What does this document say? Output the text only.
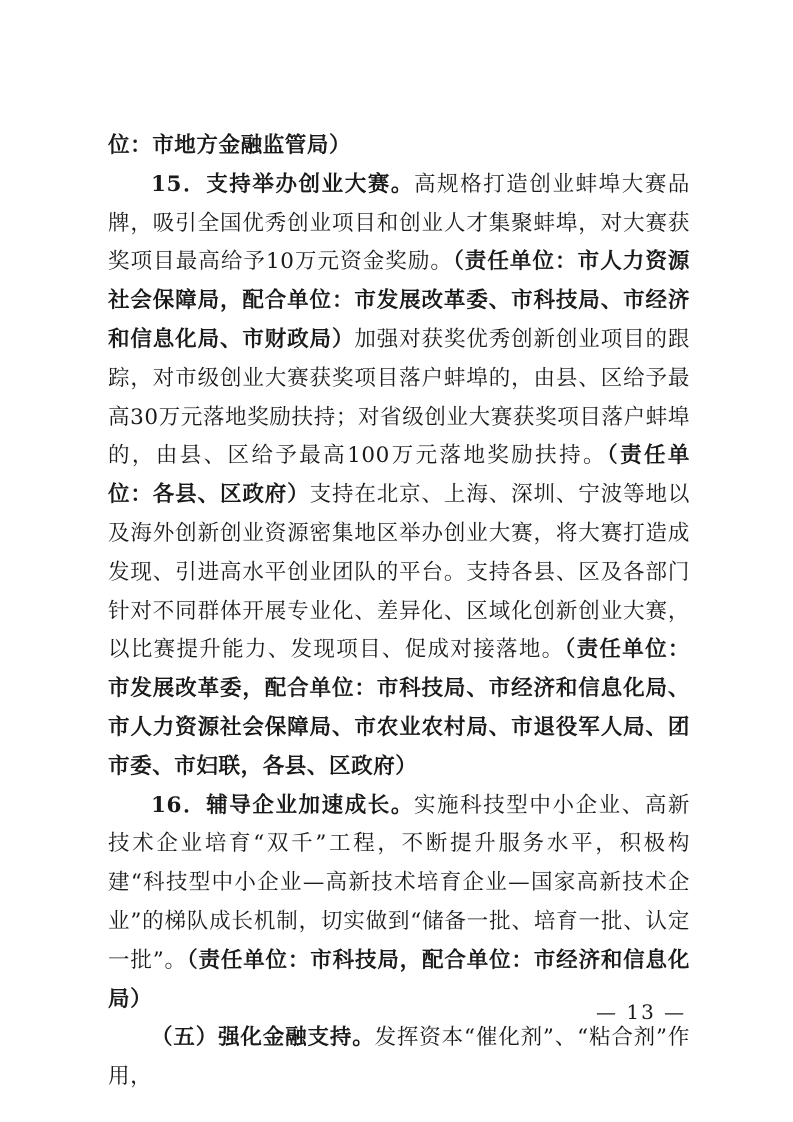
位：市地方金融监管局）

15．支持举办创业大赛。高规格打造创业蚌埠大赛品牌，吸引全国优秀创业项目和创业人才集聚蚌埠，对大赛获奖项目最高给予10万元资金奖励。（责任单位：市人力资源社会保障局，配合单位：市发展改革委、市科技局、市经济和信息化局、市财政局）加强对获奖优秀创新创业项目的跟踪，对市级创业大赛获奖项目落户蚌埠的，由县、区给予最高30万元落地奖励扶持；对省级创业大赛获奖项目落户蚌埠的，由县、区给予最高100万元落地奖励扶持。（责任单位：各县、区政府）支持在北京、上海、深圳、宁波等地以及海外创新创业资源密集地区举办创业大赛，将大赛打造成发现、引进高水平创业团队的平台。支持各县、区及各部门针对不同群体开展专业化、差异化、区域化创新创业大赛，以比赛提升能力、发现项目、促成对接落地。（责任单位：市发展改革委，配合单位：市科技局、市经济和信息化局、市人力资源社会保障局、市农业农村局、市退役军人局、团市委、市妇联，各县、区政府）

16．辅导企业加速成长。实施科技型中小企业、高新技术企业培育“双千”工程，不断提升服务水平，积极构建“科技型中小企业—高新技术培育企业—国家高新技术企业”的梯队成长机制，切实做到“储备一批、培育一批、认定一批”。（责任单位：市科技局，配合单位：市经济和信息化局）

（五）强化金融支持。发挥资本“催化剂”、“粘合剂”作用，

— 13 —
